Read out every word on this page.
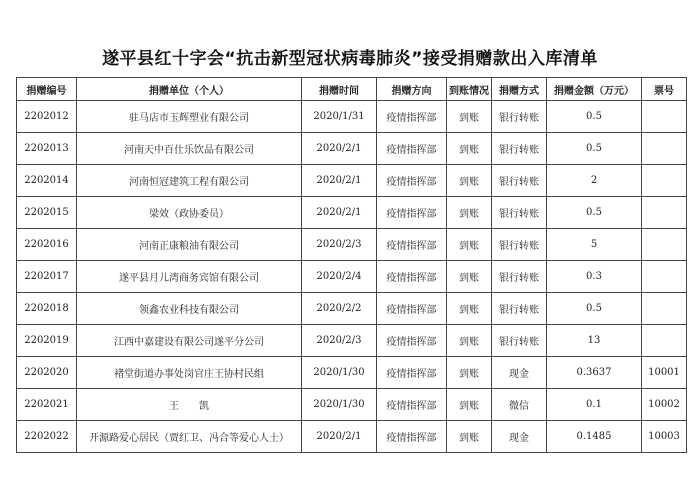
遂平县红十字会“抗击新型冠状病毒肺炎”接受捐赠款出入库清单
捐赠编号	捐赠单位（个人）	捐赠时间	捐赠方向	到账情况	捐赠方式	捐赠金额（万元）	票号
2202012	驻马店市玉辉塑业有限公司	2020/1/31	疫情指挥部	到账	银行转账	0.5	
2202013	河南天中百仕乐饮品有限公司	2020/2/1	疫情指挥部	到账	银行转账	0.5	
2202014	河南恒冠建筑工程有限公司	2020/2/1	疫情指挥部	到账	银行转账	2	
2202015	梁效（政协委员）	2020/2/1	疫情指挥部	到账	银行转账	0.5	
2202016	河南正康粮油有限公司	2020/2/3	疫情指挥部	到账	银行转账	5	
2202017	遂平县月儿湾商务宾馆有限公司	2020/2/4	疫情指挥部	到账	银行转账	0.3	
2202018	领鑫农业科技有限公司	2020/2/2	疫情指挥部	到账	银行转账	0.5	
2202019	江西中嘉建设有限公司遂平分公司	2020/2/3	疫情指挥部	到账	银行转账	13	
2202020	褚堂街道办事处岗官庄王协村民组	2020/1/30	疫情指挥部	到账	现金	0.3637	10001
2202021	王　　凯	2020/1/30	疫情指挥部	到账	微信	0.1	10002
2202022	开源路爱心居民（贾红卫、冯合等爱心人士）	2020/2/1	疫情指挥部	到账	现金	0.1485	10003
